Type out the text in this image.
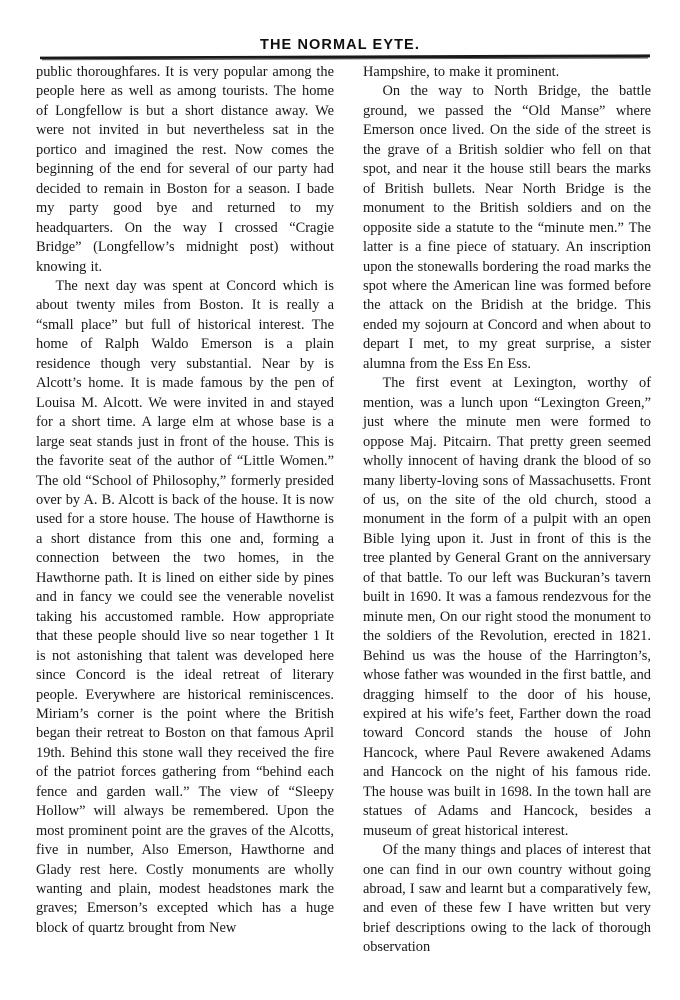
THE NORMAL EYTE.

public thoroughfares. It is very popular among the people here as well as among tourists. The home of Longfellow is but a short distance away. We were not invited in but nevertheless sat in the portico and imagined the rest. Now comes the beginning of the end for several of our party had decided to remain in Boston for a season. I bade my party good bye and returned to my headquarters. On the way I crossed “Cragie Bridge” (Longfellow’s midnight post) without knowing it.

The next day was spent at Concord which is about twenty miles from Boston. It is really a “small place” but full of historical interest. The home of Ralph Waldo Emerson is a plain residence though very substantial. Near by is Alcott’s home. It is made famous by the pen of Louisa M. Alcott. We were invited in and stayed for a short time. A large elm at whose base is a large seat stands just in front of the house. This is the favorite seat of the author of “Little Women.” The old “School of Philosophy,” formerly presided over by A. B. Alcott is back of the house. It is now used for a store house. The house of Hawthorne is a short distance from this one and, forming a connection between the two homes, in the Hawthorne path. It is lined on either side by pines and in fancy we could see the venerable novelist taking his accustomed ramble. How appropriate that these people should live so near together 1 It is not astonishing that talent was developed here since Concord is the ideal retreat of literary people. Everywhere are historical reminiscences. Miriam’s corner is the point where the British began their retreat to Boston on that famous April 19th. Behind this stone wall they received the fire of the patriot forces gathering from “behind each fence and garden wall.” The view of “Sleepy Hollow” will always be remembered. Upon the most prominent point are the graves of the Alcotts, five in number, Also Emerson, Hawthorne and Glady rest here. Costly monuments are wholly wanting and plain, modest headstones mark the graves; Emerson’s excepted which has a huge block of quartz brought from New

Hampshire, to make it prominent.

On the way to North Bridge, the battle ground, we passed the “Old Manse” where Emerson once lived. On the side of the street is the grave of a British soldier who fell on that spot, and near it the house still bears the marks of British bullets. Near North Bridge is the monument to the British soldiers and on the opposite side a statute to the “minute men.” The latter is a fine piece of statuary. An inscription upon the stonewalls bordering the road marks the spot where the American line was formed before the attack on the Bridish at the bridge. This ended my sojourn at Concord and when about to depart I met, to my great surprise, a sister alumna from the Ess En Ess.

The first event at Lexington, worthy of mention, was a lunch upon “Lexington Green,” just where the minute men were formed to oppose Maj. Pitcairn. That pretty green seemed wholly innocent of having drank the blood of so many liberty-loving sons of Massachusetts. Front of us, on the site of the old church, stood a monument in the form of a pulpit with an open Bible lying upon it. Just in front of this is the tree planted by General Grant on the anniversary of that battle. To our left was Buckuran’s tavern built in 1690. It was a famous rendezvous for the minute men, On our right stood the monument to the soldiers of the Revolution, erected in 1821. Behind us was the house of the Harrington’s, whose father was wounded in the first battle, and dragging himself to the door of his house, expired at his wife’s feet, Farther down the road toward Concord stands the house of John Hancock, where Paul Revere awakened Adams and Hancock on the night of his famous ride. The house was built in 1698. In the town hall are statues of Adams and Hancock, besides a museum of great historical interest.

Of the many things and places of interest that one can find in our own country without going abroad, I saw and learnt but a comparatively few, and even of these few I have written but very brief descriptions owing to the lack of thorough observation
